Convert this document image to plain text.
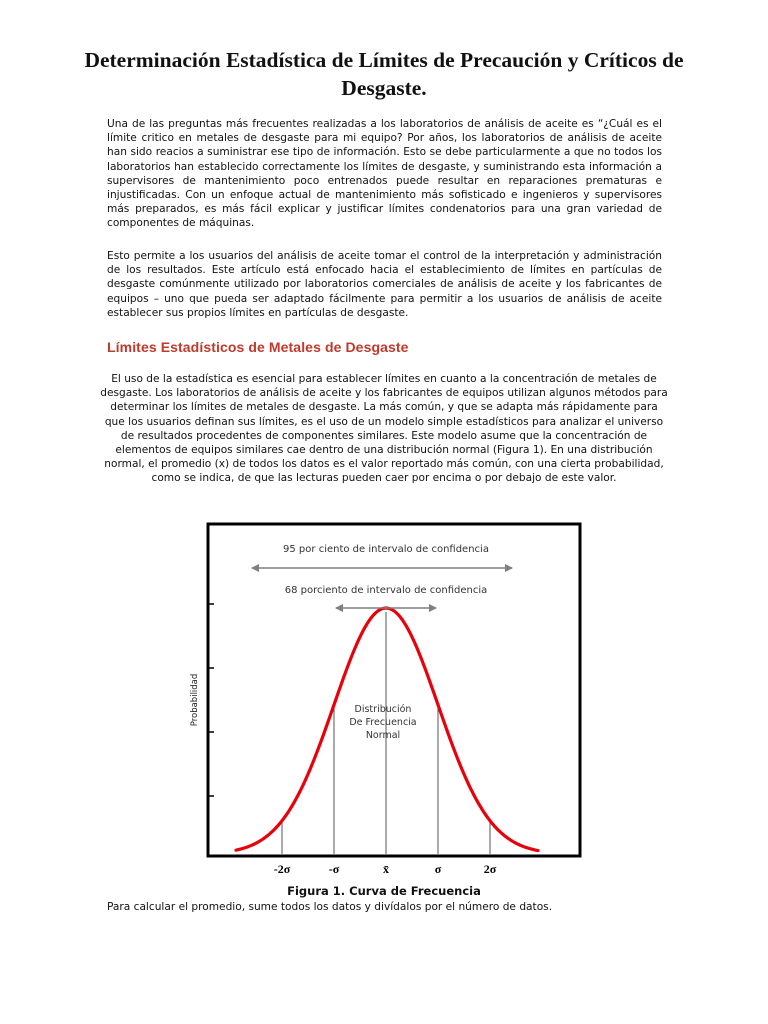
Determinación Estadística de Límites de Precaución y Críticos de Desgaste.

Una de las preguntas más frecuentes realizadas a los laboratorios de análisis de aceite es “¿Cuál es el límite critico en metales de desgaste para mi equipo? Por años, los laboratorios de análisis de aceite han sido reacios a suministrar ese tipo de información. Esto se debe particularmente a que no todos los laboratorios han establecido correctamente los límites de desgaste, y suministrando esta información a supervisores de mantenimiento poco entrenados puede resultar en reparaciones prematuras e injustificadas. Con un enfoque actual de mantenimiento más sofisticado e ingenieros y supervisores más preparados, es más fácil explicar y justificar límites condenatorios para una gran variedad de componentes de máquinas.

Esto permite a los usuarios del análisis de aceite tomar el control de la interpretación y administración de los resultados. Este artículo está enfocado hacia el establecimiento de límites en partículas de desgaste comúnmente utilizado por laboratorios comerciales de análisis de aceite y los fabricantes de equipos – uno que pueda ser adaptado fácilmente para permitir a los usuarios de análisis de aceite establecer sus propios límites en partículas de desgaste.

Límites Estadísticos de Metales de Desgaste

El uso de la estadística es esencial para establecer límites en cuanto a la concentración de metales de desgaste. Los laboratorios de análisis de aceite y los fabricantes de equipos utilizan algunos métodos para determinar los límites de metales de desgaste. La más común, y que se adapta más rápidamente para que los usuarios definan sus límites, es el uso de un modelo simple estadísticos para analizar el universo de resultados procedentes de componentes similares. Este modelo asume que la concentración de elementos de equipos similares cae dentro de una distribución normal (Figura 1). En una distribución normal, el promedio (x) de todos los datos es el valor reportado más común, con una cierta probabilidad, como se indica, de que las lecturas pueden caer por encima o por debajo de este valor.

Probabilidad
95 por ciento de intervalo de confidencia
68 porciento de intervalo de confidencia
Distribución
De Frecuencia
Normal
-2σ	-σ	x̄	σ	2σ

Figura 1. Curva de Frecuencia

Para calcular el promedio, sume todos los datos y divídalos por el número de datos.
